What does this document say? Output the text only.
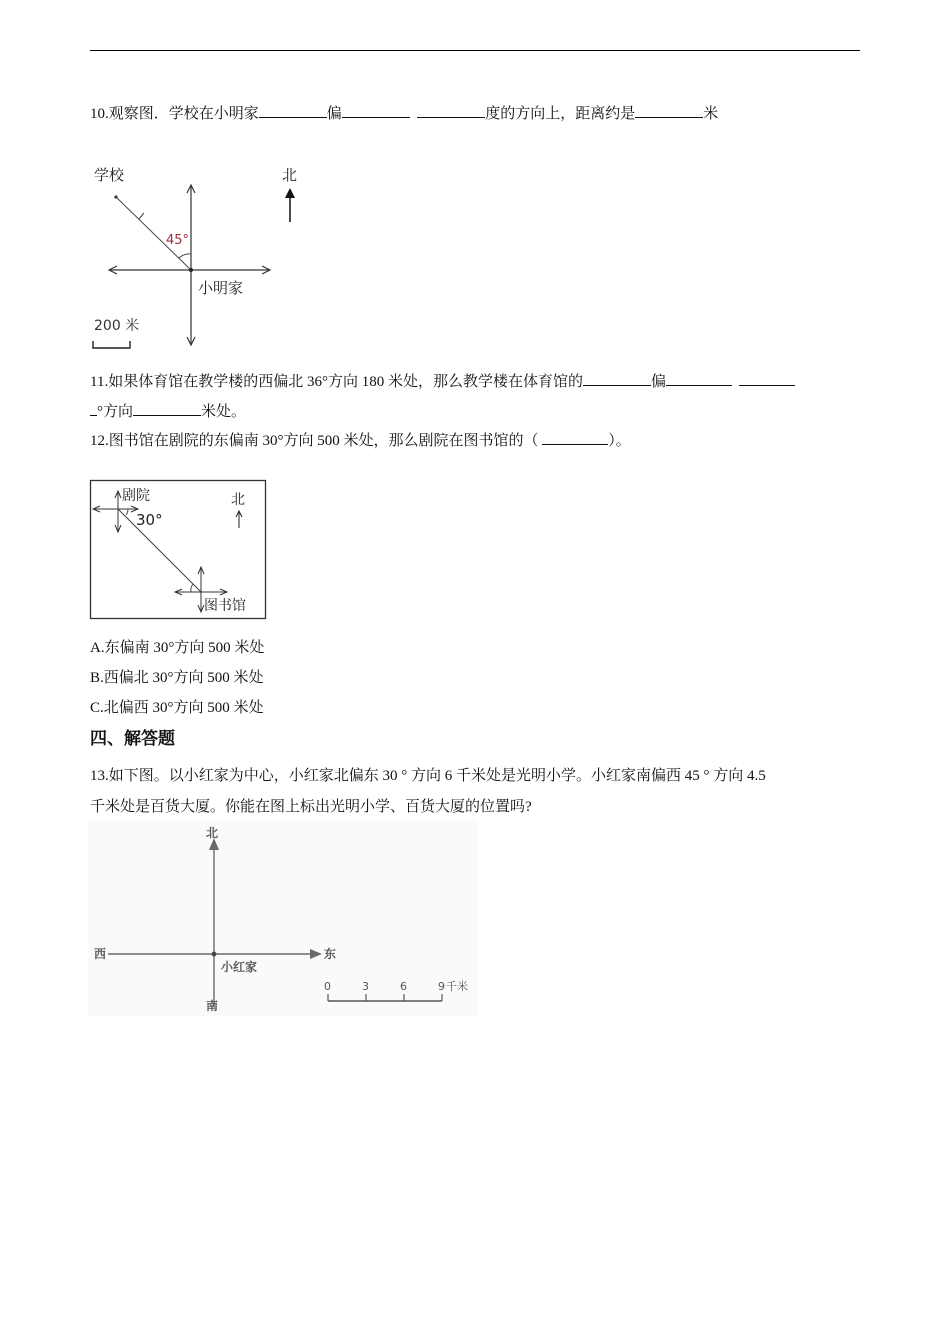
10.观察图．学校在小明家	偏	度的方向上，距离约是	米
学校
45°
小明家
北
200 米
11.如果体育馆在教学楼的西偏北 36°方向 180 米处，那么教学楼在体育馆的	偏
°方向	米处。
12.图书馆在剧院的东偏南 30°方向 500 米处，那么剧院在图书馆的（	）。
剧院
30°
图书馆
北
A.东偏南 30°方向 500 米处
B.西偏北 30°方向 500 米处
C.北偏西 30°方向 500 米处
四、解答题
13.如下图。以小红家为中心，小红家北偏东 30 ° 方向 6 千米处是光明小学。小红家南偏西 45 ° 方向 4.5
千米处是百货大厦。你能在图上标出光明小学、百货大厦的位置吗?
北
南
西	东
小红家
0	3	6	9 千米
